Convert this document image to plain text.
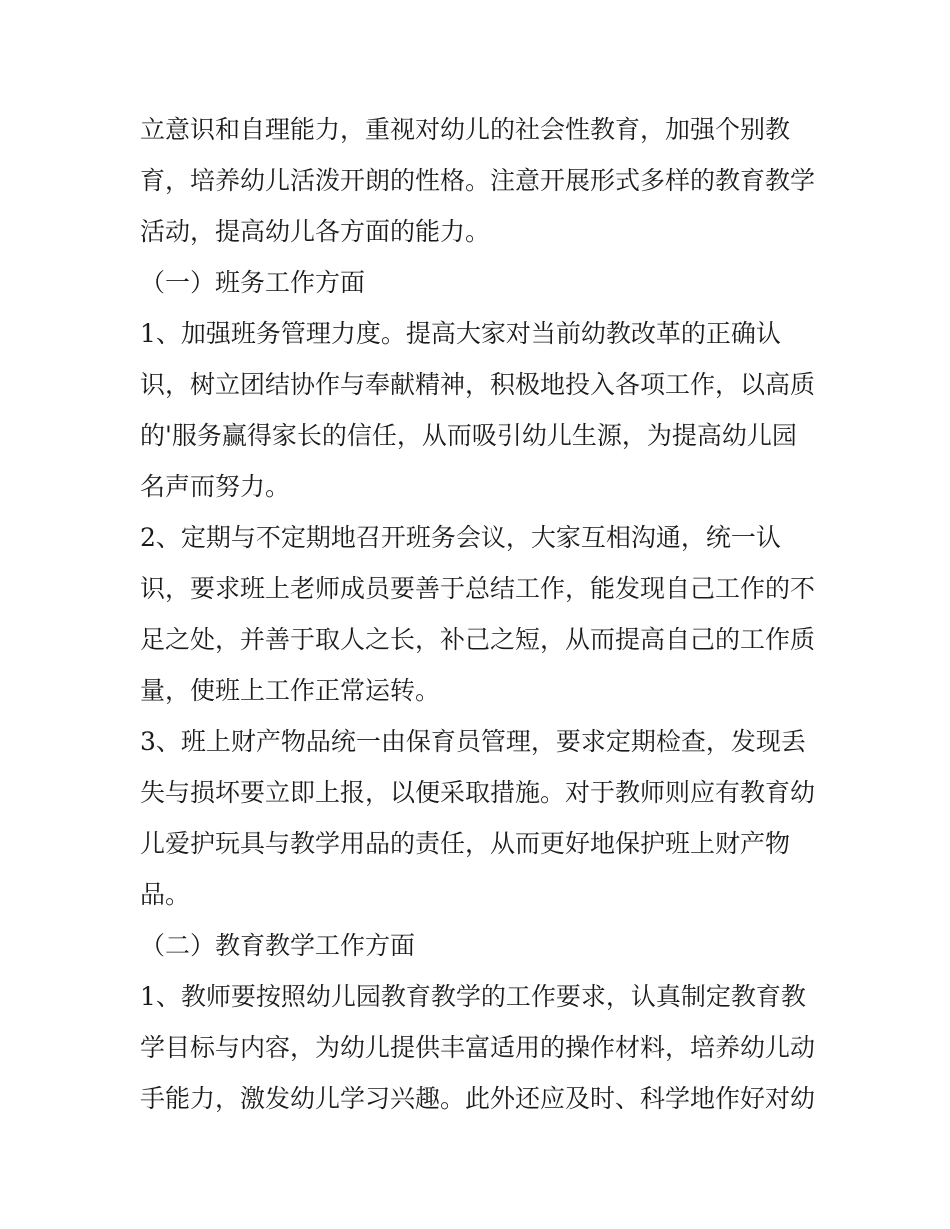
立意识和自理能力，重视对幼儿的社会性教育，加强个别教
育，培养幼儿活泼开朗的性格。注意开展形式多样的教育教学
活动，提高幼儿各方面的能力。
（一）班务工作方面
1、加强班务管理力度。提高大家对当前幼教改革的正确认
识，树立团结协作与奉献精神，积极地投入各项工作，以高质
的'服务赢得家长的信任，从而吸引幼儿生源，为提高幼儿园
名声而努力。
2、定期与不定期地召开班务会议，大家互相沟通，统一认
识，要求班上老师成员要善于总结工作，能发现自己工作的不
足之处，并善于取人之长，补己之短，从而提高自己的工作质
量，使班上工作正常运转。
3、班上财产物品统一由保育员管理，要求定期检查，发现丢
失与损坏要立即上报，以便采取措施。对于教师则应有教育幼
儿爱护玩具与教学用品的责任，从而更好地保护班上财产物
品。
（二）教育教学工作方面
1、教师要按照幼儿园教育教学的工作要求，认真制定教育教
学目标与内容，为幼儿提供丰富适用的操作材料，培养幼儿动
手能力，激发幼儿学习兴趣。此外还应及时、科学地作好对幼
